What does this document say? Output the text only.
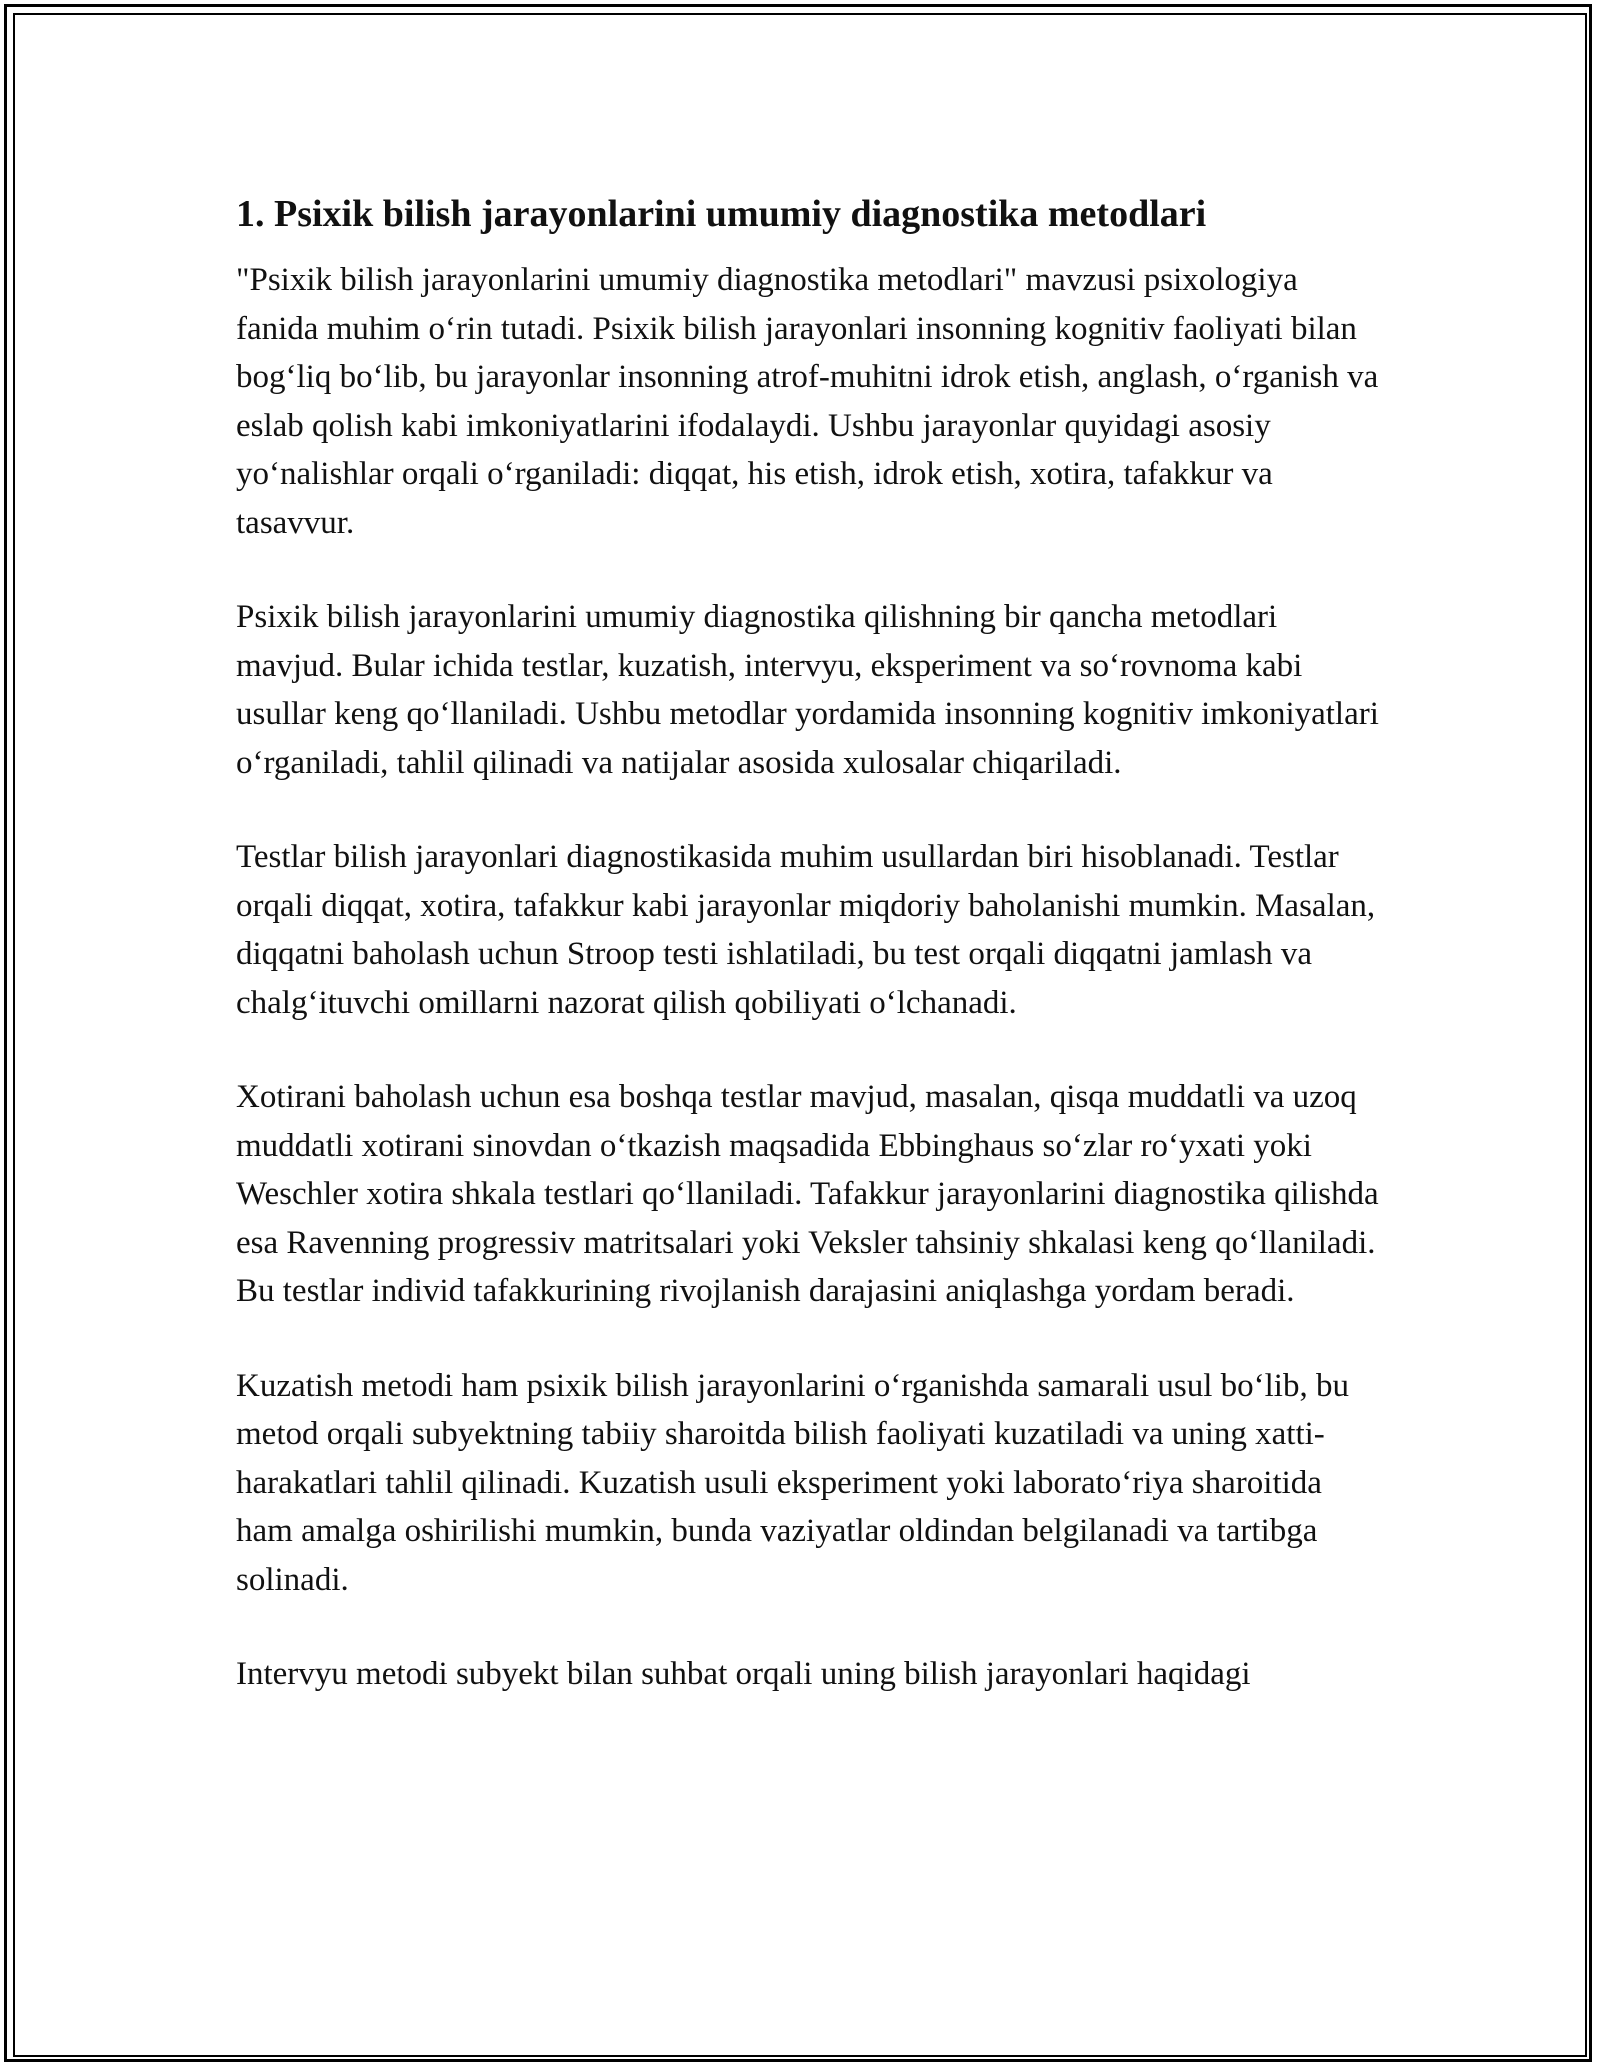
1. Psixik bilish jarayonlarini umumiy diagnostika metodlari

"Psixik bilish jarayonlarini umumiy diagnostika metodlari" mavzusi psixologiya fanida muhim o‘rin tutadi. Psixik bilish jarayonlari insonning kognitiv faoliyati bilan bog‘liq bo‘lib, bu jarayonlar insonning atrof-muhitni idrok etish, anglash, o‘rganish va eslab qolish kabi imkoniyatlarini ifodalaydi. Ushbu jarayonlar quyidagi asosiy yo‘nalishlar orqali o‘rganiladi: diqqat, his etish, idrok etish, xotira, tafakkur va tasavvur.

Psixik bilish jarayonlarini umumiy diagnostika qilishning bir qancha metodlari mavjud. Bular ichida testlar, kuzatish, intervyu, eksperiment va so‘rovnoma kabi usullar keng qo‘llaniladi. Ushbu metodlar yordamida insonning kognitiv imkoniyatlari o‘rganiladi, tahlil qilinadi va natijalar asosida xulosalar chiqariladi.

Testlar bilish jarayonlari diagnostikasida muhim usullardan biri hisoblanadi. Testlar orqali diqqat, xotira, tafakkur kabi jarayonlar miqdoriy baholanishi mumkin. Masalan, diqqatni baholash uchun Stroop testi ishlatiladi, bu test orqali diqqatni jamlash va chalg‘ituvchi omillarni nazorat qilish qobiliyati o‘lchanadi.

Xotirani baholash uchun esa boshqa testlar mavjud, masalan, qisqa muddatli va uzoq muddatli xotirani sinovdan o‘tkazish maqsadida Ebbinghaus so‘zlar ro‘yxati yoki Weschler xotira shkala testlari qo‘llaniladi. Tafakkur jarayonlarini diagnostika qilishda esa Ravenning progressiv matritsalari yoki Veksler tahsiniy shkalasi keng qo‘llaniladi. Bu testlar individ tafakkurining rivojlanish darajasini aniqlashga yordam beradi.

Kuzatish metodi ham psixik bilish jarayonlarini o‘rganishda samarali usul bo‘lib, bu metod orqali subyektning tabiiy sharoitda bilish faoliyati kuzatiladi va uning xatti-harakatlari tahlil qilinadi. Kuzatish usuli eksperiment yoki laborato‘riya sharoitida ham amalga oshirilishi mumkin, bunda vaziyatlar oldindan belgilanadi va tartibga solinadi.

Intervyu metodi subyekt bilan suhbat orqali uning bilish jarayonlari haqidagi
